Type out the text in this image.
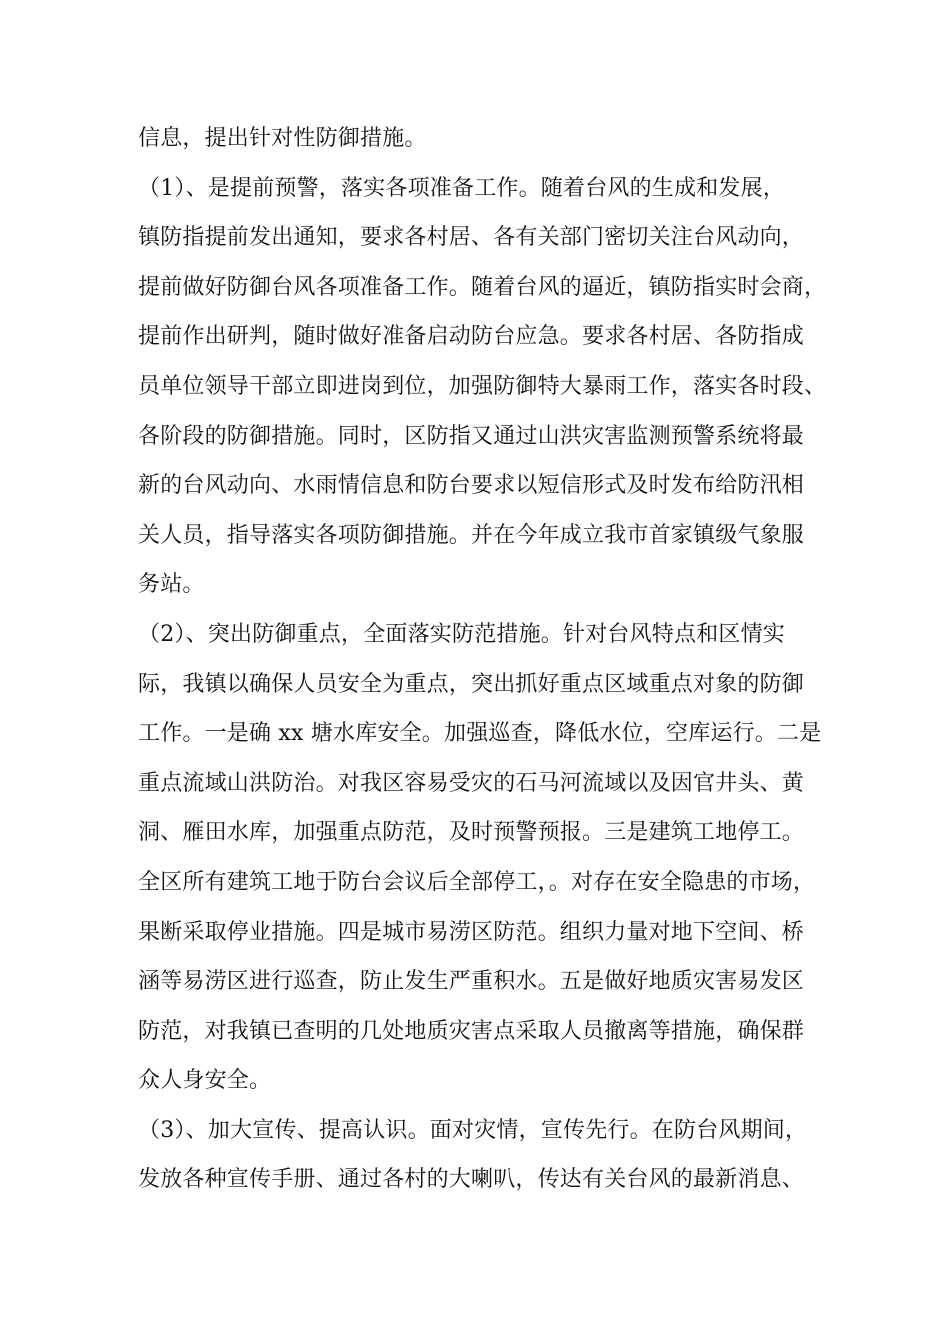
信息，提出针对性防御措施。
（1）、是提前预警，落实各项准备工作。随着台风的生成和发展，
镇防指提前发出通知，要求各村居、各有关部门密切关注台风动向，
提前做好防御台风各项准备工作。随着台风的逼近，镇防指实时会商，
提前作出研判，随时做好准备启动防台应急。要求各村居、各防指成
员单位领导干部立即进岗到位，加强防御特大暴雨工作，落实各时段、
各阶段的防御措施。同时，区防指又通过山洪灾害监测预警系统将最
新的台风动向、水雨情信息和防台要求以短信形式及时发布给防汛相
关人员，指导落实各项防御措施。并在今年成立我市首家镇级气象服
务站。
（2）、突出防御重点，全面落实防范措施。针对台风特点和区情实
际，我镇以确保人员安全为重点，突出抓好重点区域重点对象的防御
工作。一是确 xx 塘水库安全。加强巡查，降低水位，空库运行。二是
重点流域山洪防治。对我区容易受灾的石马河流域以及因官井头、黄
洞、雁田水库，加强重点防范，及时预警预报。三是建筑工地停工。
全区所有建筑工地于防台会议后全部停工，。对存在安全隐患的市场，
果断采取停业措施。四是城市易涝区防范。组织力量对地下空间、桥
涵等易涝区进行巡查，防止发生严重积水。五是做好地质灾害易发区
防范，对我镇已查明的几处地质灾害点采取人员撤离等措施，确保群
众人身安全。
（3）、加大宣传、提高认识。面对灾情，宣传先行。在防台风期间，
发放各种宣传手册、通过各村的大喇叭，传达有关台风的最新消息、
